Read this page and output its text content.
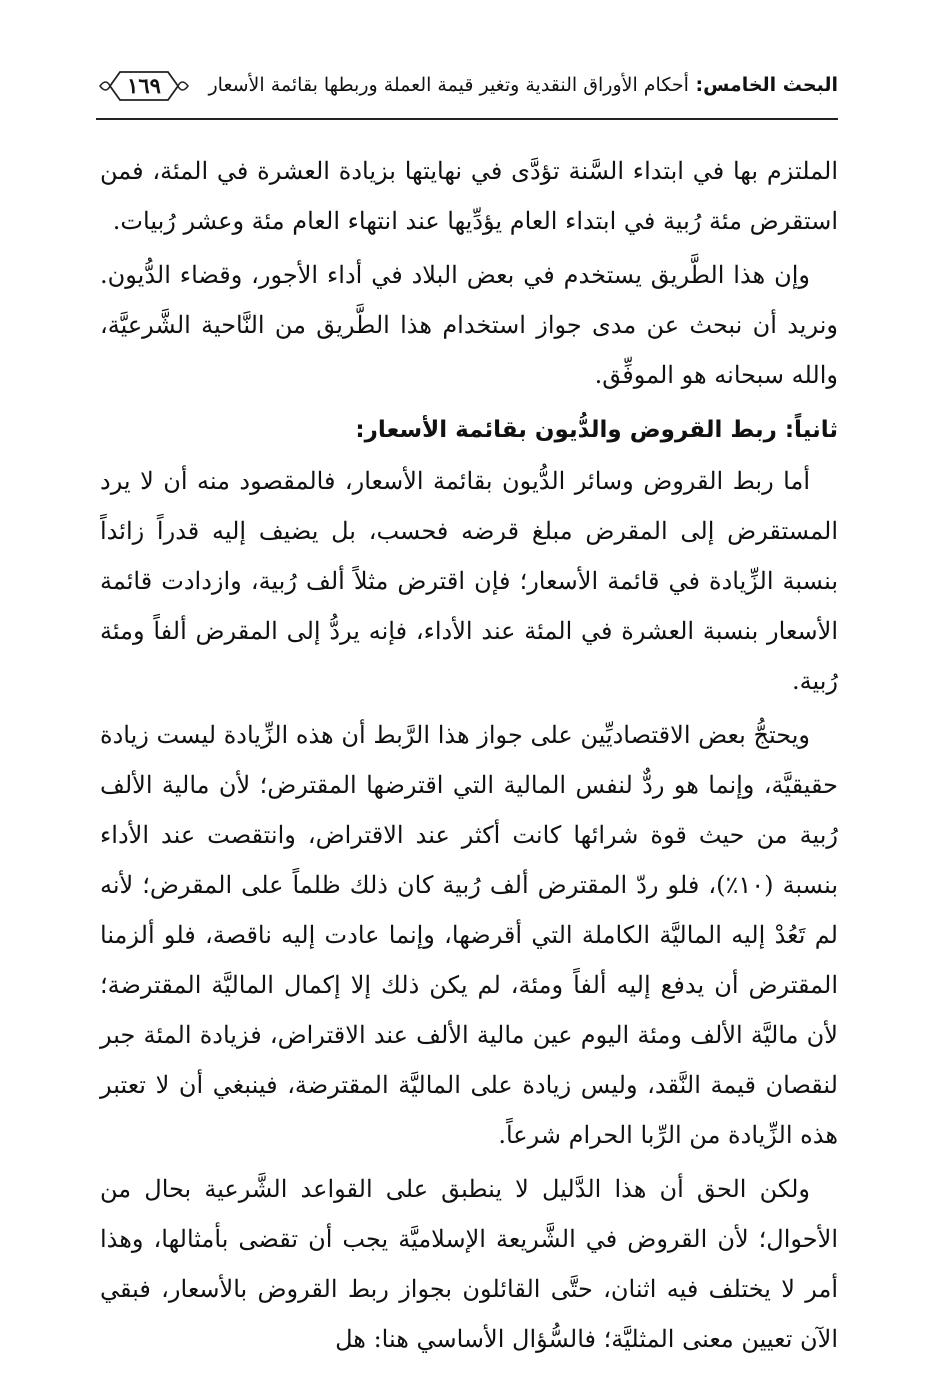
البحث الخامس: أحكام الأوراق النقدية وتغير قيمة العملة وربطها بقائمة الأسعار
١٦٩

الملتزم بها في ابتداء السَّنة تؤدَّى في نهايتها بزيادة العشرة في المئة، فمن استقرض مئة رُبية في ابتداء العام يؤدِّيها عند انتهاء العام مئة وعشر رُبيات.

وإن هذا الطَّريق يستخدم في بعض البلاد في أداء الأجور، وقضاء الدُّيون. ونريد أن نبحث عن مدى جواز استخدام هذا الطَّريق من النَّاحية الشَّرعيَّة، والله سبحانه هو الموفِّق.

ثانياً: ربط القروض والدُّيون بقائمة الأسعار:

أما ربط القروض وسائر الدُّيون بقائمة الأسعار، فالمقصود منه أن لا يرد المستقرض إلى المقرض مبلغ قرضه فحسب، بل يضيف إليه قدراً زائداً بنسبة الزِّيادة في قائمة الأسعار؛ فإن اقترض مثلاً ألف رُبية، وازدادت قائمة الأسعار بنسبة العشرة في المئة عند الأداء، فإنه يردُّ إلى المقرض ألفاً ومئة رُبية.

ويحتجُّ بعض الاقتصاديِّين على جواز هذا الرَّبط أن هذه الزِّيادة ليست زيادة حقيقيَّة، وإنما هو ردٌّ لنفس المالية التي اقترضها المقترض؛ لأن مالية الألف رُبية من حيث قوة شرائها كانت أكثر عند الاقتراض، وانتقصت عند الأداء بنسبة (١٠٪)، فلو ردّ المقترض ألف رُبية كان ذلك ظلماً على المقرض؛ لأنه لم تَعُدْ إليه الماليَّة الكاملة التي أقرضها، وإنما عادت إليه ناقصة، فلو ألزمنا المقترض أن يدفع إليه ألفاً ومئة، لم يكن ذلك إلا إكمال الماليَّة المقترضة؛ لأن ماليَّة الألف ومئة اليوم عين مالية الألف عند الاقتراض، فزيادة المئة جبر لنقصان قيمة النَّقد، وليس زيادة على الماليَّة المقترضة، فينبغي أن لا تعتبر هذه الزِّيادة من الرِّبا الحرام شرعاً.

ولكن الحق أن هذا الدَّليل لا ينطبق على القواعد الشَّرعية بحال من الأحوال؛ لأن القروض في الشَّريعة الإسلاميَّة يجب أن تقضى بأمثالها، وهذا أمر لا يختلف فيه اثنان، حتَّى القائلون بجواز ربط القروض بالأسعار، فبقي الآن تعيين معنى المثليَّة؛ فالسُّؤال الأساسي هنا: هل
